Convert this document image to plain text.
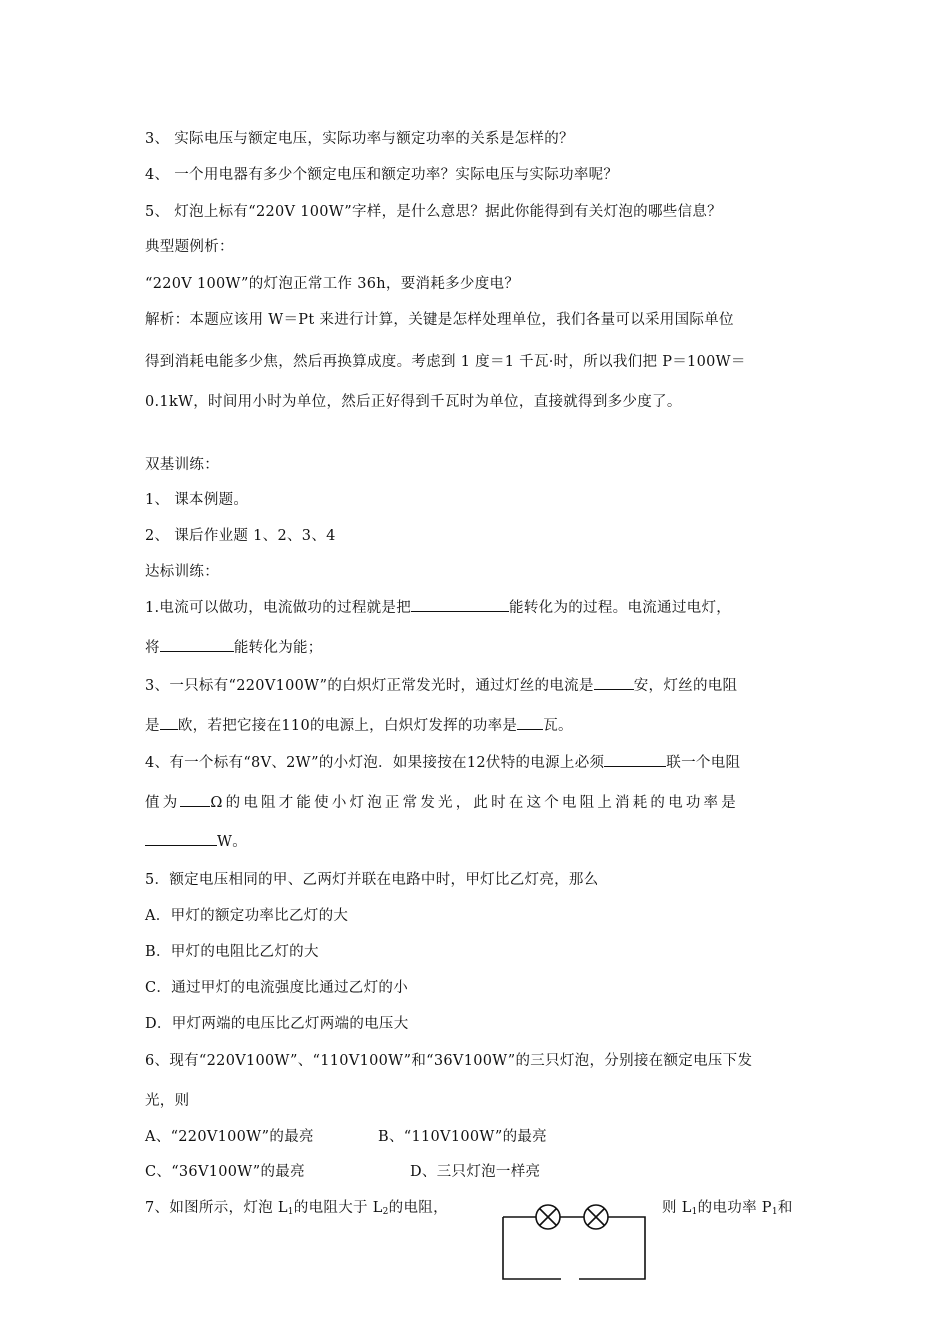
3、 实际电压与额定电压，实际功率与额定功率的关系是怎样的？
4、 一个用电器有多少个额定电压和额定功率？实际电压与实际功率呢？
5、 灯泡上标有“220V 100W”字样，是什么意思？据此你能得到有关灯泡的哪些信息？
典型题例析：
“220V 100W”的灯泡正常工作 36h，要消耗多少度电？
解析：本题应该用 W＝Pt 来进行计算，关键是怎样处理单位，我们各量可以采用国际单位
得到消耗电能多少焦，然后再换算成度。考虑到 1 度＝1 千瓦·时，所以我们把 P＝100W＝
0.1kW，时间用小时为单位，然后正好得到千瓦时为单位，直接就得到多少度了。
双基训练：
1、 课本例题。
2、 课后作业题 1、2、3、4
达标训练：
1.电流可以做功，电流做功的过程就是把	能转化为的过程。电流通过电灯，
将	能转化为能；
3、一只标有“220V100W”的白炽灯正常发光时，通过灯丝的电流是	安，灯丝的电阻
是 欧，若把它接在110的电源上，白炽灯发挥的功率是 瓦。
4、有一个标有“8V、2W”的小灯泡．如果接按在12伏特的电源上必须	联一个电阻
值为 Ω的电阻才能使小灯泡正常发光，此时在这个电阻上消耗的电功率是
W。
5．额定电压相同的甲、乙两灯并联在电路中时，甲灯比乙灯亮，那么
A．甲灯的额定功率比乙灯的大
B．甲灯的电阻比乙灯的大
C．通过甲灯的电流强度比通过乙灯的小
D．甲灯两端的电压比乙灯两端的电压大
6、现有“220V100W”、“110V100W”和“36V100W”的三只灯泡，分别接在额定电压下发
光，则
A、“220V100W”的最亮	B、“110V100W”的最亮
C、“36V100W”的最亮	D、三只灯泡一样亮
7、如图所示，灯泡 $L_1$的电阻大于 $L_2$的电阻，	则 $L_1$的电功率 $P_1$和
